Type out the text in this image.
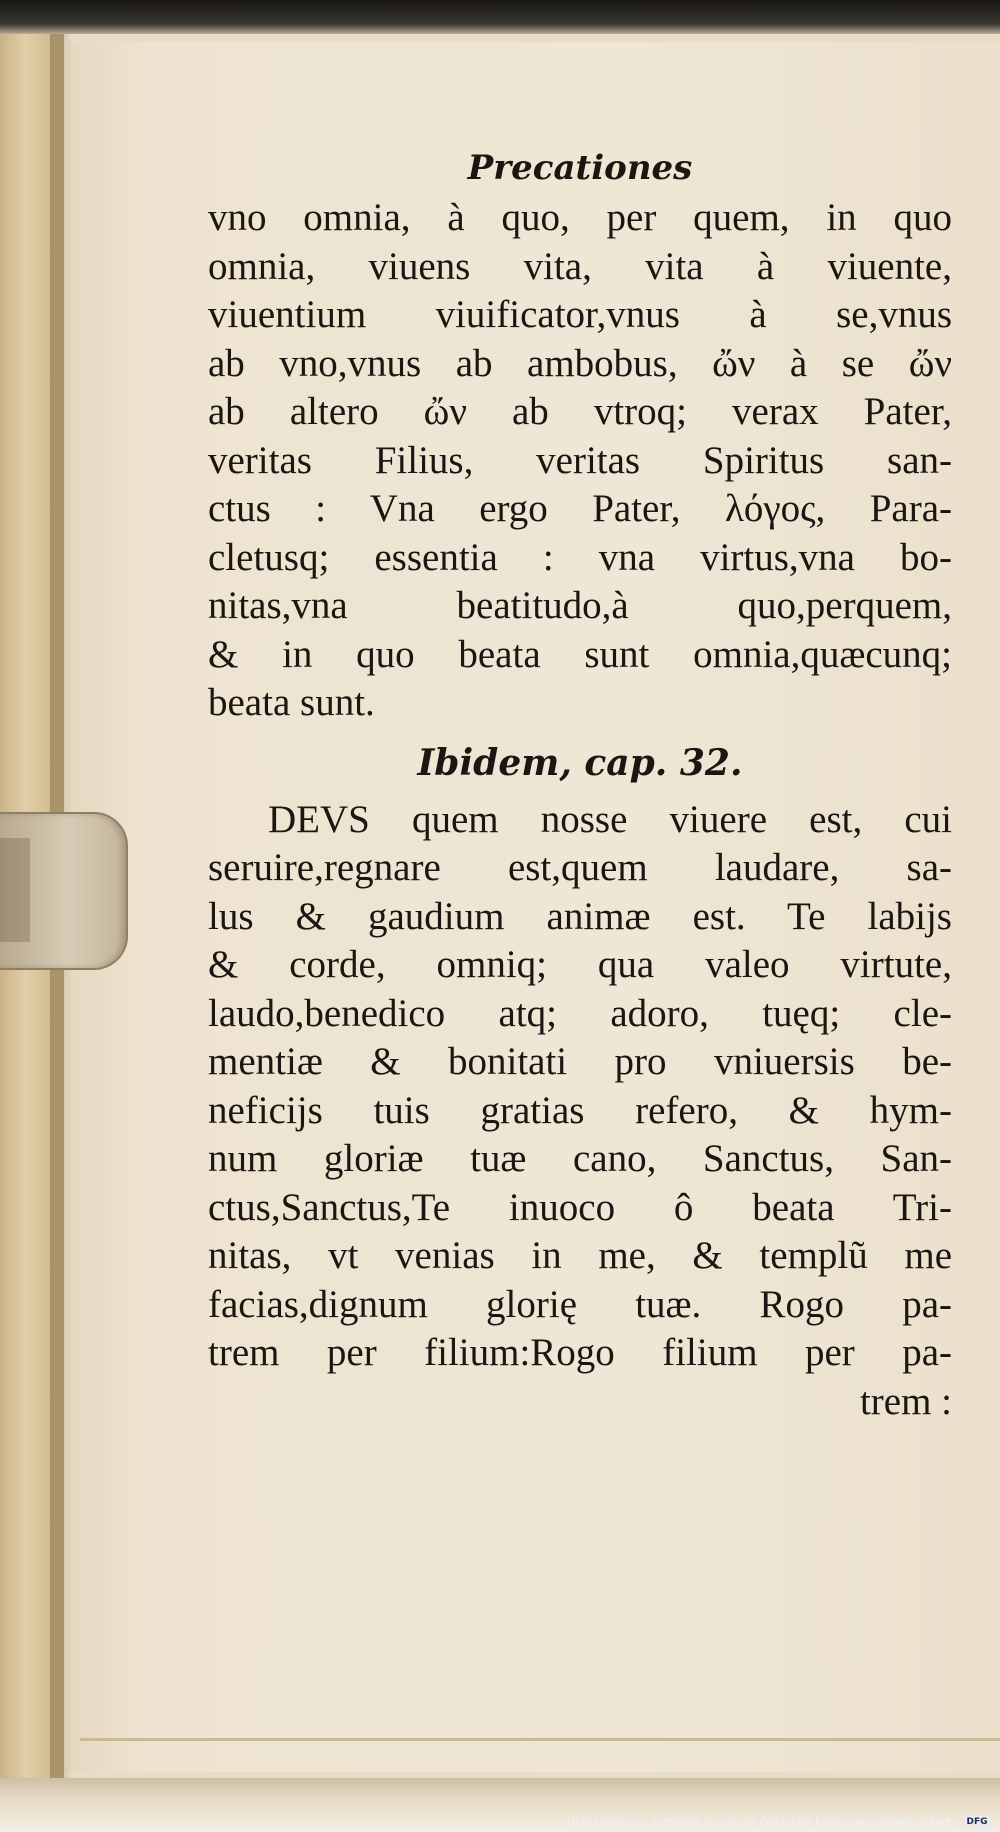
Precationes
vno omnia, à quo, per quem, in quo
omnia, viuens vita, vita à viuente,
viuentium viuificator,vnus à se,vnus
ab vno,vnus ab ambobus, ὤν à se ὤν
ab altero ὤν ab vtroq; verax Pater,
veritas Filius, veritas Spiritus san-
ctus : Vna ergo Pater, λόγος, Para-
cletusq; essentia : vna virtus,vna bo-
nitas,vna beatitudo,à quo,perquem,
& in quo beata sunt omnia,quæcunq;
beata sunt.
Ibidem, cap. 32.
DEVS quem nosse viuere est, cui
seruire,regnare est,quem laudare, sa-
lus & gaudium animæ est. Te labijs
& corde, omniq; qua valeo virtute,
laudo,benedico atq; adoro, tuęq; cle-
mentiæ & bonitati pro vniuersis be-
neficijs tuis gratias refero, & hym-
num gloriæ tuæ cano, Sanctus, San-
ctus,Sanctus,Te inuoco ô beata Tri-
nitas, vt venias in me, & templũ me
facias,dignum glorię tuæ. Rogo pa-
trem per filium:Rogo filium per pa-
trem :
Digitalisierung gefördert durch die Deutsche Forschungsgemeinschaft - DFG
